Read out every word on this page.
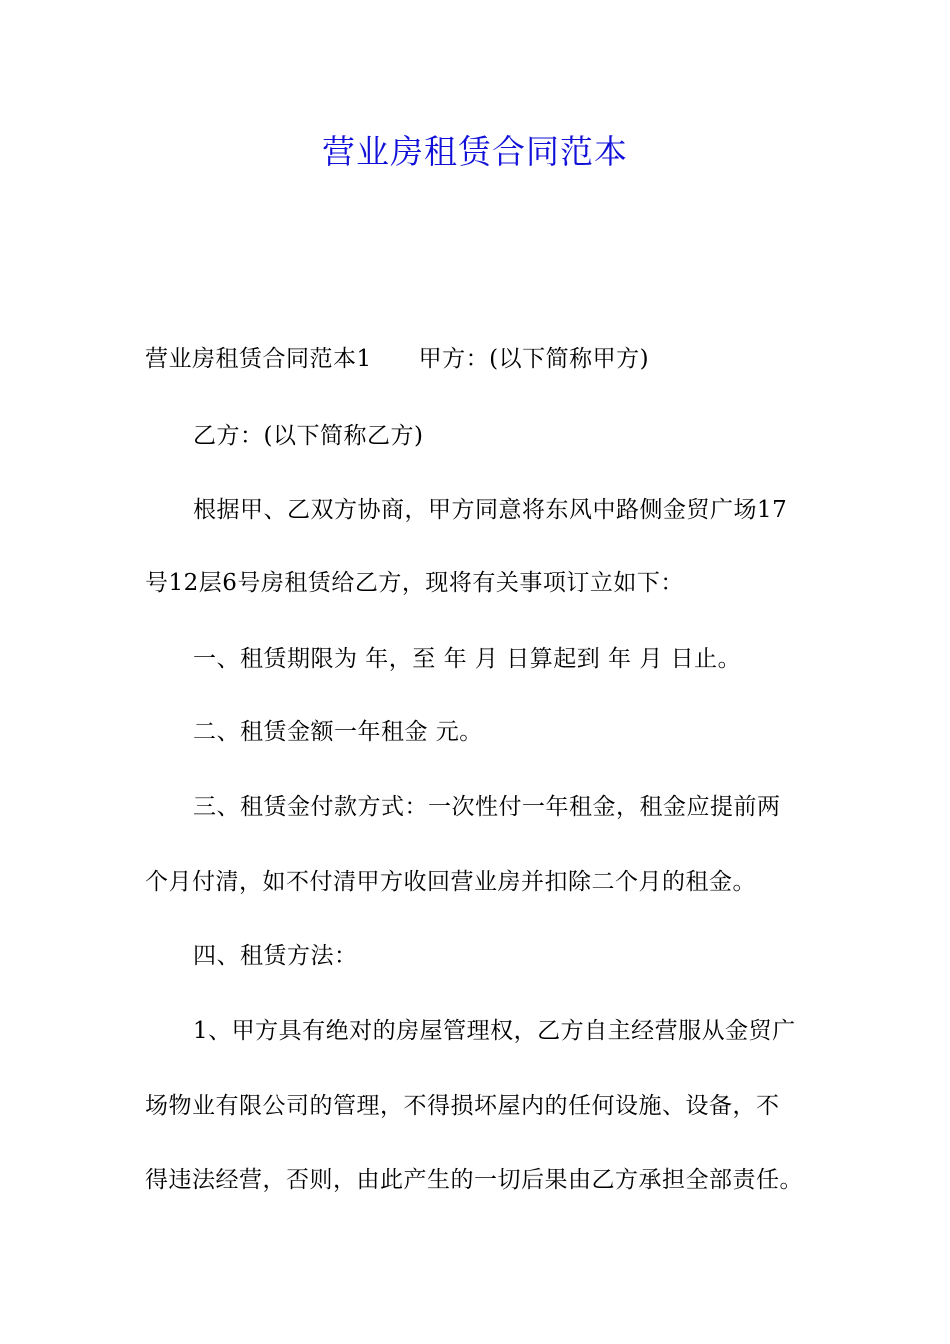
营业房租赁合同范本
营业房租赁合同范本1　　甲方：(以下简称甲方)
乙方：(以下简称乙方)
根据甲、乙双方协商，甲方同意将东风中路侧金贸广场17
号12层6号房租赁给乙方，现将有关事项订立如下：
一、租赁期限为 年，至 年 月 日算起到 年 月 日止。
二、租赁金额一年租金 元。
三、租赁金付款方式：一次性付一年租金，租金应提前两
个月付清，如不付清甲方收回营业房并扣除二个月的租金。
四、租赁方法：
1、甲方具有绝对的房屋管理权，乙方自主经营服从金贸广
场物业有限公司的管理，不得损坏屋内的任何设施、设备，不
得违法经营，否则，由此产生的一切后果由乙方承担全部责任。
